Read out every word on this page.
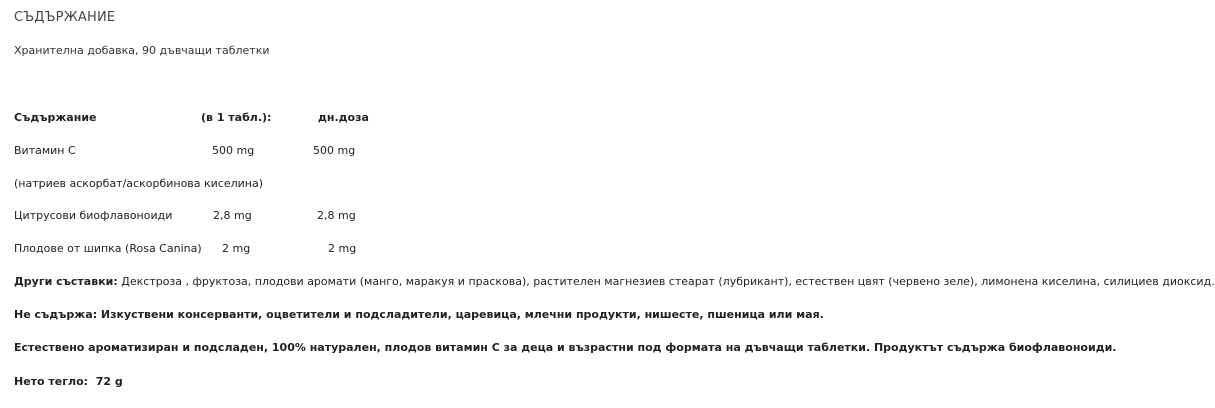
СЪДЪРЖАНИЕ
Хранителна добавка, 90 дъвчащи таблетки
Съдържание	(в 1 табл.):	дн.доза
Витамин С	500 mg	500 mg
(натриев аскорбат/аскорбинова киселина)
Цитрусови биофлавоноиди	2,8 mg	2,8 mg
Плодове от шипка (Rosa Canina) 2 mg	2 mg
Други съставки: Декстроза , фруктоза, плодови аромати (манго, маракуя и праскова), растителен магнезиев стеарат (лубрикант), естествен цвят (червено зеле), лимонена киселина, силициев диоксид.
Не съдържа: Изкуствени консерванти, оцветители и подсладители, царевица, млечни продукти, нишесте, пшеница или мая.
Естествено ароматизиран и подсладен, 100% натурален, плодов витамин С за деца и възрастни под формата на дъвчащи таблетки. Продуктът съдържа биофлавоноиди.
Нето тегло: 72 g
